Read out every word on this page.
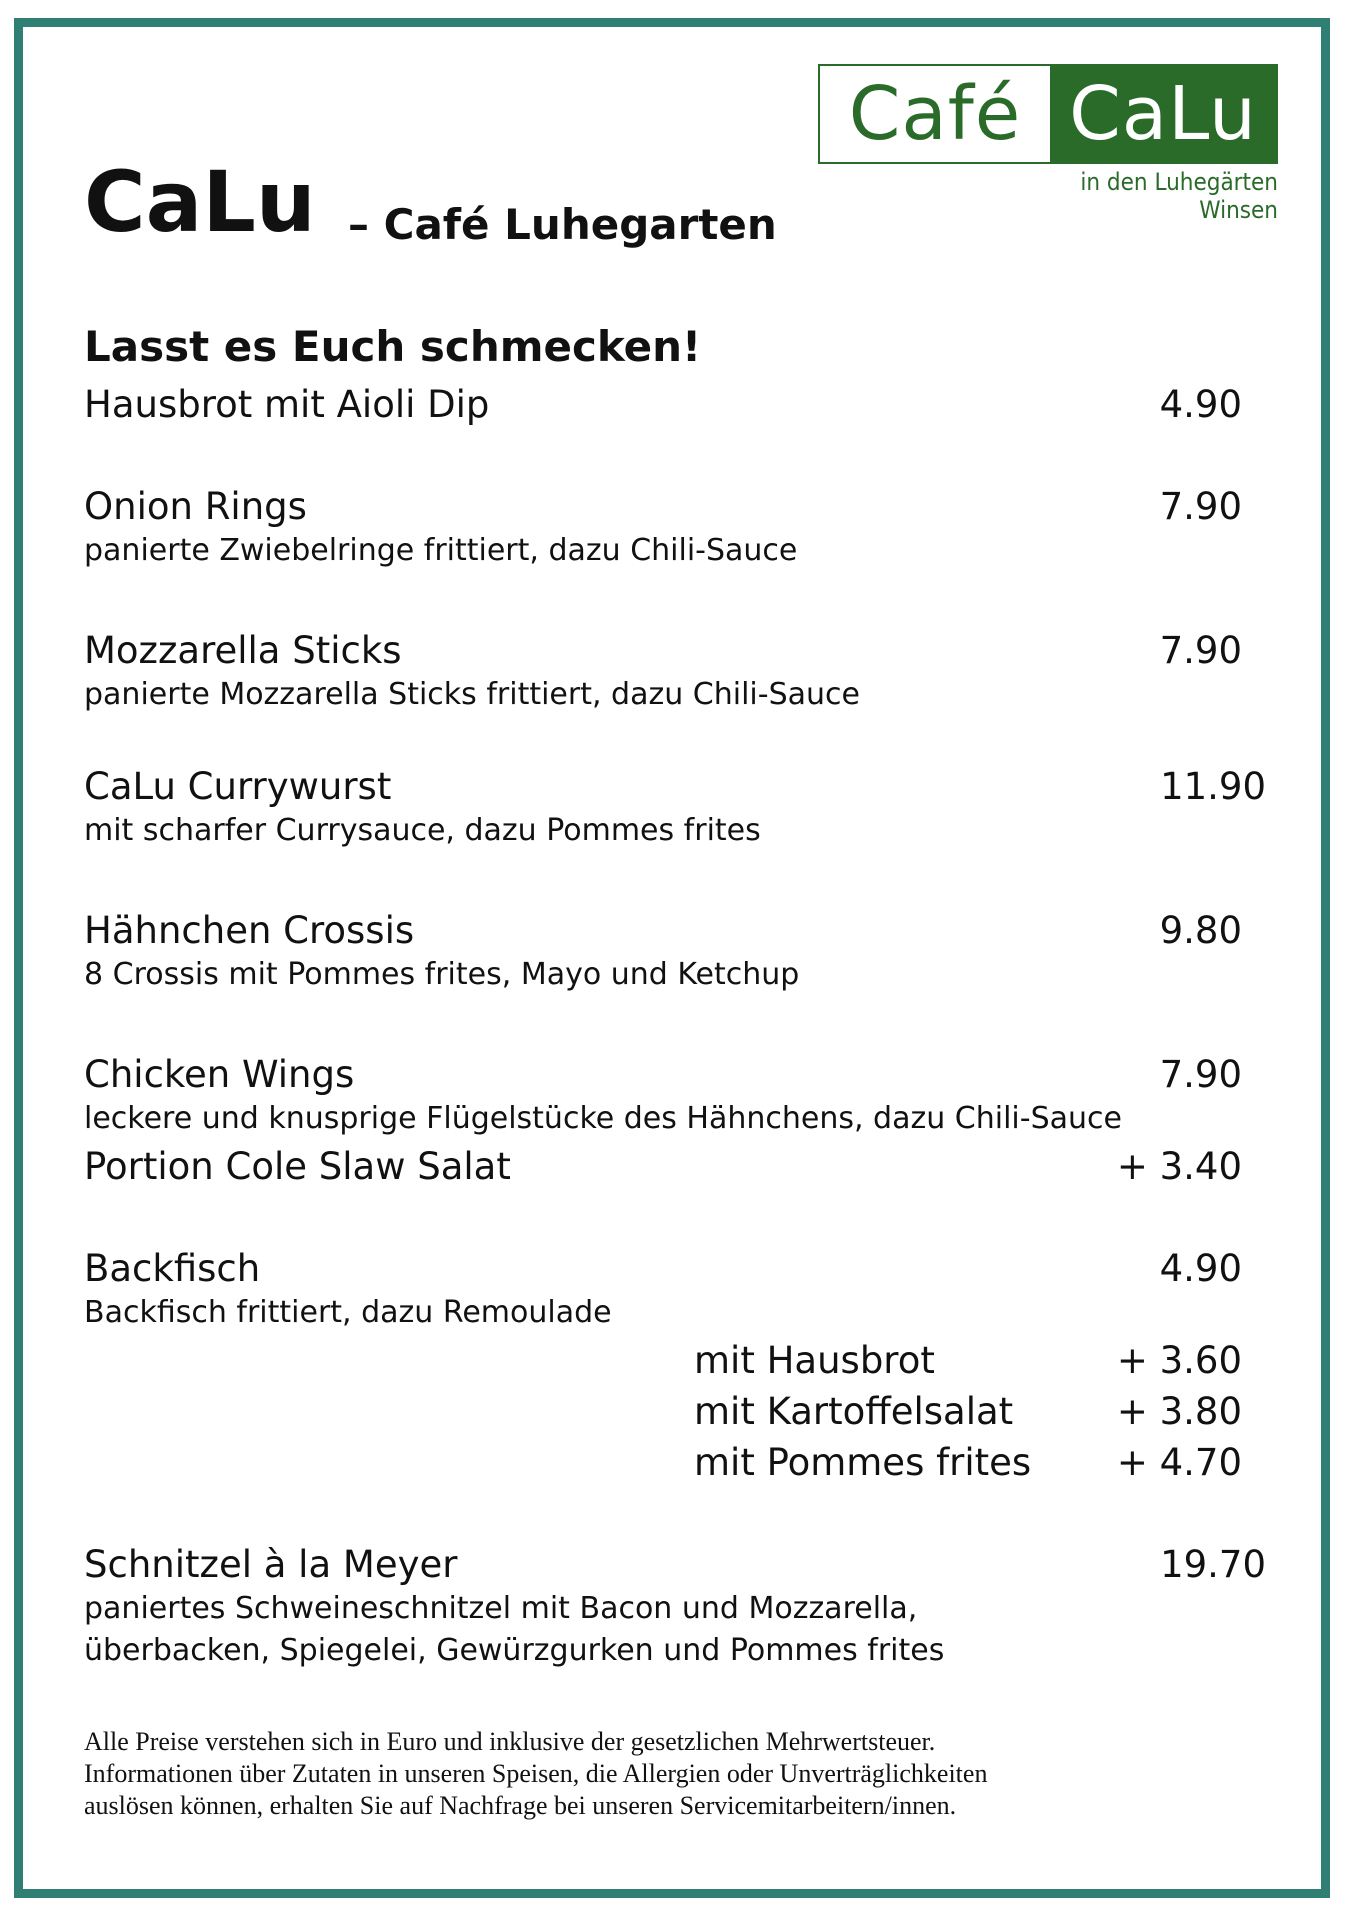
Café CaLu
in den Luhegärten Winsen
CaLu – Café Luhegarten
Lasst es Euch schmecken!
Hausbrot mit Aioli Dip	4.90
Onion Rings	7.90
panierte Zwiebelringe frittiert, dazu Chili-Sauce
Mozzarella Sticks	7.90
panierte Mozzarella Sticks frittiert, dazu Chili-Sauce
CaLu Currywurst	11.90
mit scharfer Currysauce, dazu Pommes frites
Hähnchen Crossis	9.80
8 Crossis mit Pommes frites, Mayo und Ketchup
Chicken Wings	7.90
leckere und knusprige Flügelstücke des Hähnchens, dazu Chili-Sauce
Portion Cole Slaw Salat	+ 3.40
Backfisch	4.90
Backfisch frittiert, dazu Remoulade
mit Hausbrot	+ 3.60
mit Kartoffelsalat	+ 3.80
mit Pommes frites	+ 4.70
Schnitzel à la Meyer	19.70
paniertes Schweineschnitzel mit Bacon und Mozzarella,
überbacken, Spiegelei, Gewürzgurken und Pommes frites
Alle Preise verstehen sich in Euro und inklusive der gesetzlichen Mehrwertsteuer.
Informationen über Zutaten in unseren Speisen, die Allergien oder Unverträglichkeiten
auslösen können, erhalten Sie auf Nachfrage bei unseren Servicemitarbeitern/innen.
